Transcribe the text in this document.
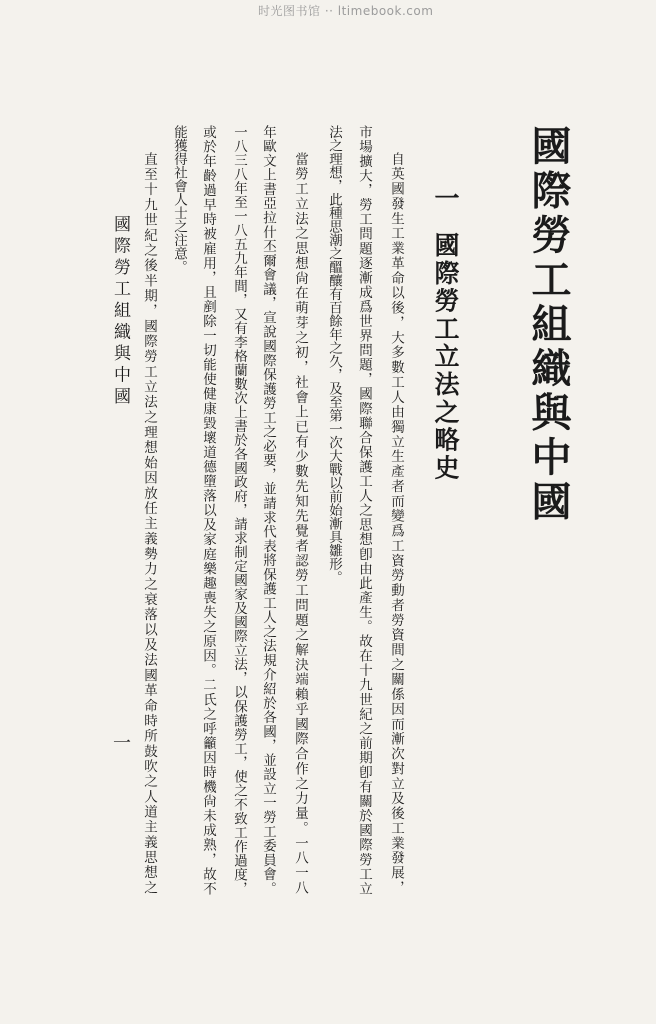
时光图书馆 ·· ltimebook.com
國際勞工組織與中國
一
國際勞工立法之略史
自英國發生工業革命以後，大多數工人由獨立生產者而變爲工資勞動者勞資間之關係因而漸次對立及後工業發展，
市場擴大，勞工問題逐漸成爲世界問題，國際聯合保護工人之思想卽由此產生。故在十九世紀之前期卽有關於國際勞工立
法之理想，此種思潮之醞釀有百餘年之久，及至第一次大戰以前始漸具雛形。
當勞工立法之思想尙在萌芽之初，社會上已有少數先知先覺者認勞工問題之解決端賴乎國際合作之力量。一八一八
年歐文上書亞拉什丕爾會議，宣說國際保護勞工之必要，並請求代表將保護工人之法規介紹於各國，並設立一勞工委員會。
一八三八年至一八五九年間，又有李格蘭數次上書於各國政府，請求制定國家及國際立法，以保護勞工，使之不致工作過度，
或於年齡過早時被雇用，且剷除一切能使健康毀壞道德墮落以及家庭樂趣喪失之原因。二氏之呼籲因時機尙未成熟，故不
能獲得社會人士之注意。
直至十九世紀之後半期，國際勞工立法之理想始因放任主義勢力之衰落以及法國革命時所鼓吹之人道主義思想之
國際勞工組織與中國
一
